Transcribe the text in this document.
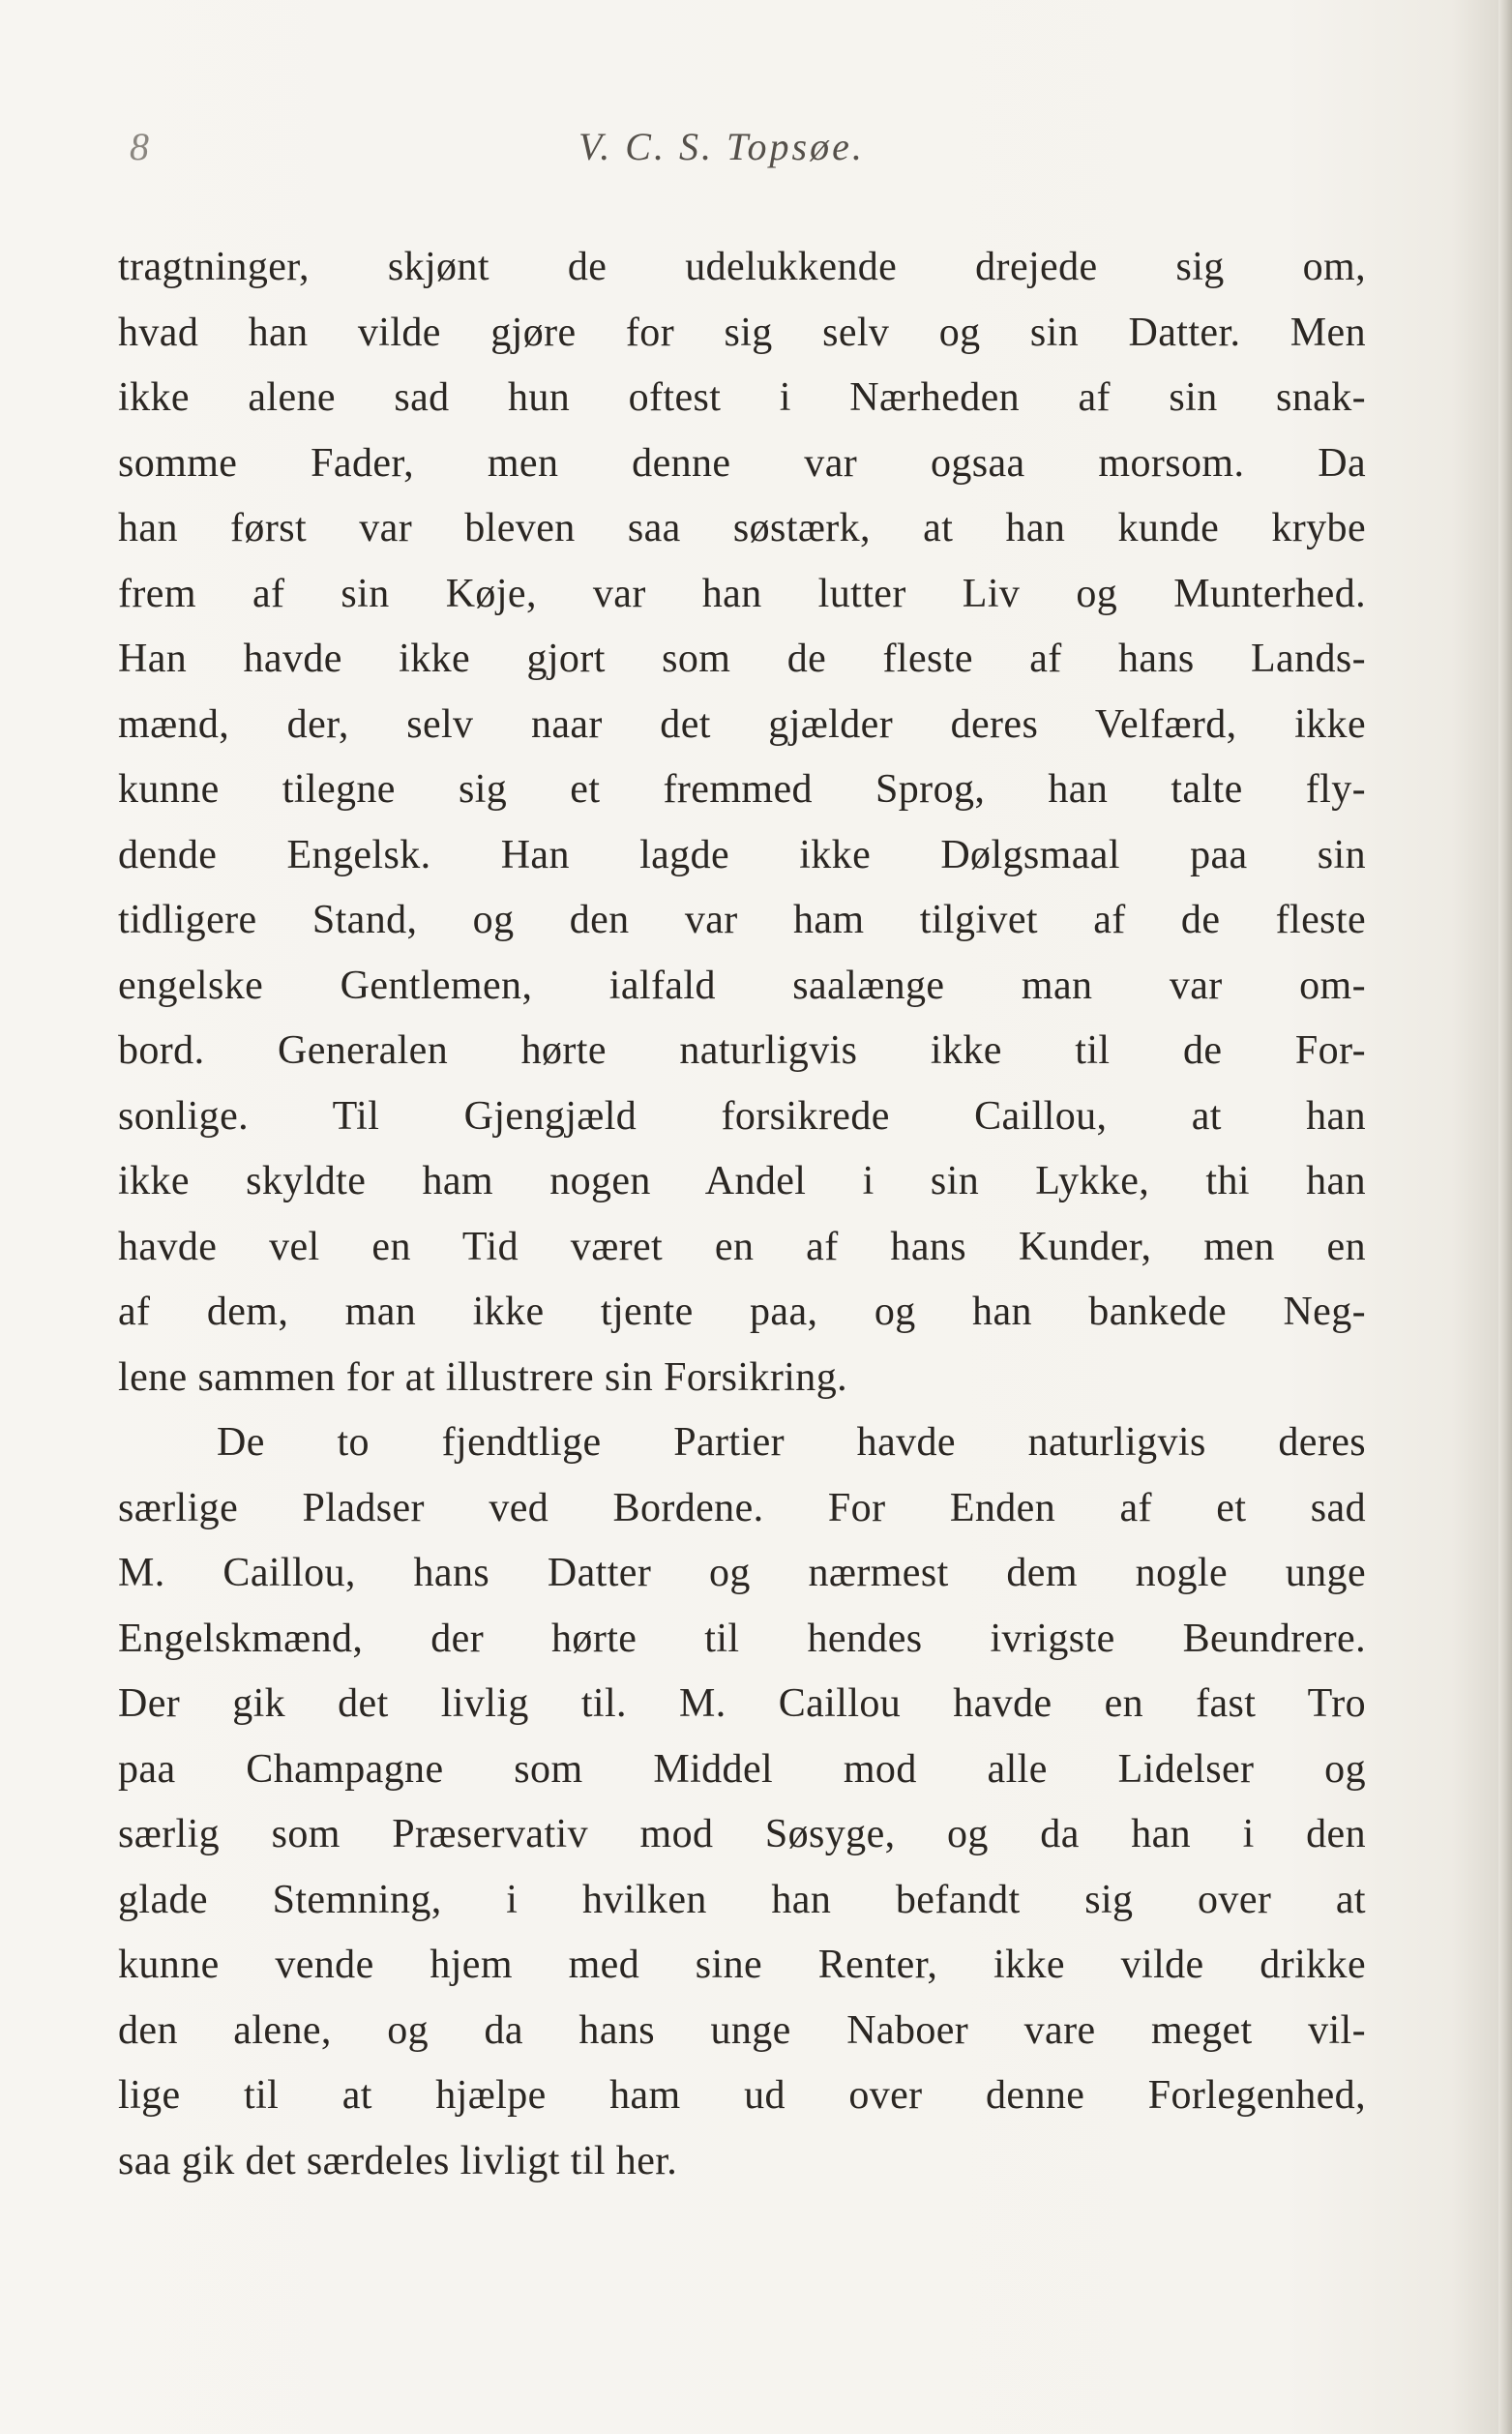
8	V. C. S. Topsøe.
tragtninger, skjønt de udelukkende drejede sig om,
hvad han vilde gjøre for sig selv og sin Datter. Men
ikke alene sad hun oftest i Nærheden af sin snak-
somme Fader, men denne var ogsaa morsom. Da
han først var bleven saa søstærk, at han kunde krybe
frem af sin Køje, var han lutter Liv og Munterhed.
Han havde ikke gjort som de fleste af hans Lands-
mænd, der, selv naar det gjælder deres Velfærd, ikke
kunne tilegne sig et fremmed Sprog, han talte fly-
dende Engelsk. Han lagde ikke Dølgsmaal paa sin
tidligere Stand, og den var ham tilgivet af de fleste
engelske Gentlemen, ialfald saalænge man var om-
bord. Generalen hørte naturligvis ikke til de For-
sonlige. Til Gjengjæld forsikrede Caillou, at han
ikke skyldte ham nogen Andel i sin Lykke, thi han
havde vel en Tid været en af hans Kunder, men en
af dem, man ikke tjente paa, og han bankede Neg-
lene sammen for at illustrere sin Forsikring.
De to fjendtlige Partier havde naturligvis deres
særlige Pladser ved Bordene. For Enden af et sad
M. Caillou, hans Datter og nærmest dem nogle unge
Engelskmænd, der hørte til hendes ivrigste Beundrere.
Der gik det livlig til. M. Caillou havde en fast Tro
paa Champagne som Middel mod alle Lidelser og
særlig som Præservativ mod Søsyge, og da han i den
glade Stemning, i hvilken han befandt sig over at
kunne vende hjem med sine Renter, ikke vilde drikke
den alene, og da hans unge Naboer vare meget vil-
lige til at hjælpe ham ud over denne Forlegenhed,
saa gik det særdeles livligt til her.
